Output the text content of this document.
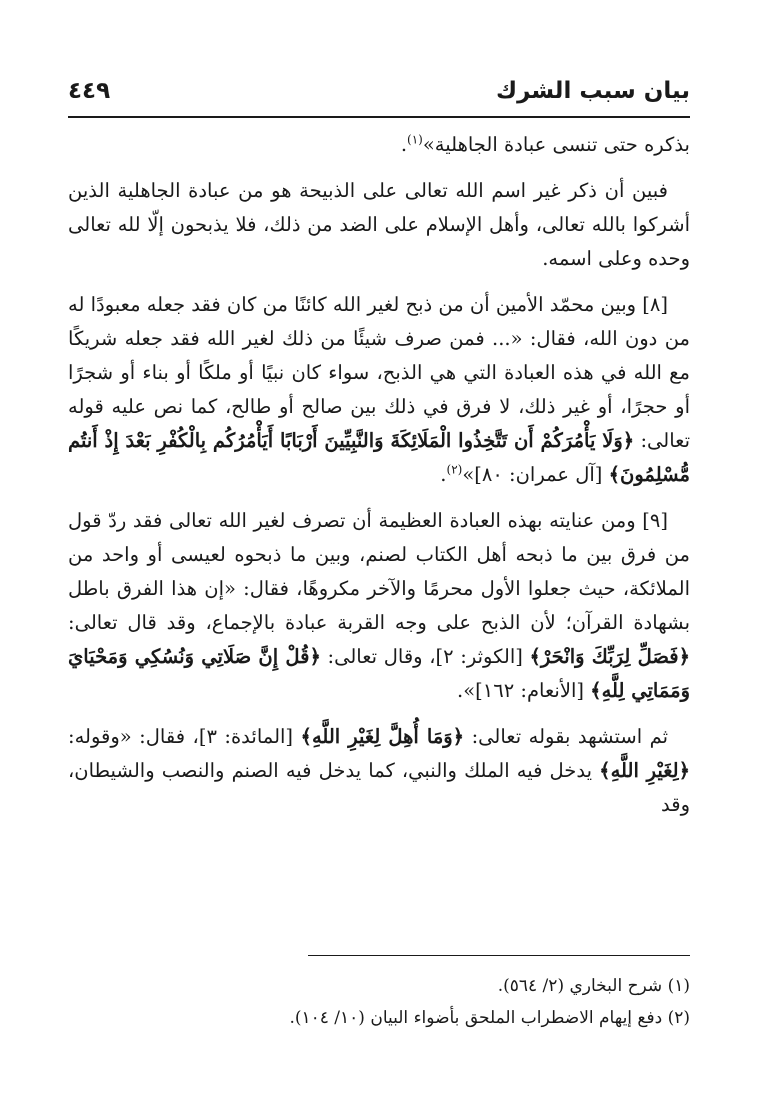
بيان سبب الشرك
٤٤٩

بذكره حتى تنسى عبادة الجاهلية»$^{(١)}$.

فبين أن ذكر غير اسم الله تعالى على الذبيحة هو من عبادة الجاهلية الذين أشركوا بالله تعالى، وأهل الإسلام على الضد من ذلك، فلا يذبحون إلّا لله تعالى وحده وعلى اسمه.

[٨] وبين محمّد الأمين أن من ذبح لغير الله كائنًا من كان فقد جعله معبودًا له من دون الله، فقال: «... فمن صرف شيئًا من ذلك لغير الله فقد جعله شريكًا مع الله في هذه العبادة التي هي الذبح، سواء كان نبيًا أو ملكًا أو بناء أو شجرًا أو حجرًا، أو غير ذلك، لا فرق في ذلك بين صالح أو طالح، كما نص عليه قوله تعالى: ﴿وَلَا يَأْمُرَكُمْ أَن تَتَّخِذُوا الْمَلَائِكَةَ وَالنَّبِيِّينَ أَرْبَابًا أَيَأْمُرُكُم بِالْكُفْرِ بَعْدَ إِذْ أَنتُم مُّسْلِمُونَ﴾ [آل عمران: ٨٠]»$^{(٢)}$.

[٩] ومن عنايته بهذه العبادة العظيمة أن تصرف لغير الله تعالى فقد ردّ قول من فرق بين ما ذبحه أهل الكتاب لصنم، وبين ما ذبحوه لعيسى أو واحد من الملائكة، حيث جعلوا الأول محرمًا والآخر مكروهًا، فقال: «إن هذا الفرق باطل بشهادة القرآن؛ لأن الذبح على وجه القربة عبادة بالإجماع، وقد قال تعالى: ﴿فَصَلِّ لِرَبِّكَ وَانْحَرْ﴾ [الكوثر: ٢]، وقال تعالى: ﴿قُلْ إِنَّ صَلَاتِي وَنُسُكِي وَمَحْيَايَ وَمَمَاتِي لِلَّهِ﴾ [الأنعام: ١٦٢]».

ثم استشهد بقوله تعالى: ﴿وَمَا أُهِلَّ لِغَيْرِ اللَّهِ﴾ [المائدة: ٣]، فقال: «وقوله: ﴿لِغَيْرِ اللَّهِ﴾ يدخل فيه الملك والنبي، كما يدخل فيه الصنم والنصب والشيطان، وقد

(١) شرح البخاري (٢/ ٥٦٤).

(٢) دفع إيهام الاضطراب الملحق بأضواء البيان (١٠/ ١٠٤).
